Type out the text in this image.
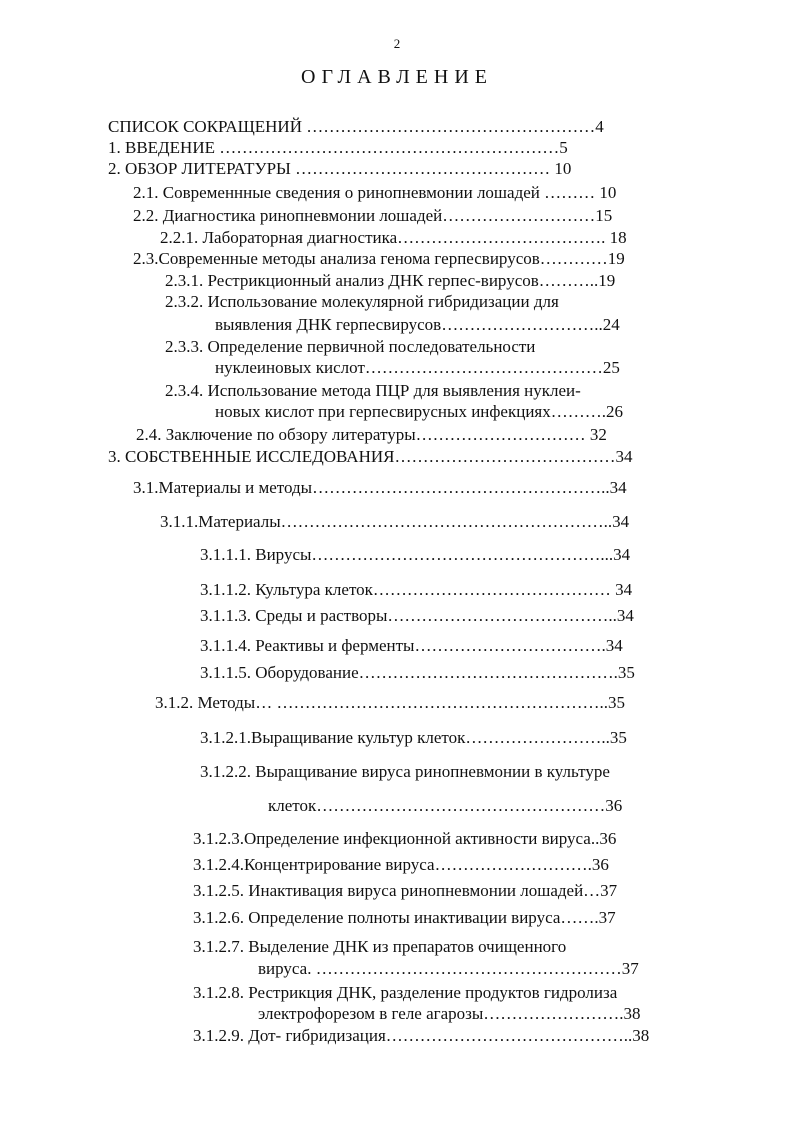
2
ОГЛАВЛЕНИЕ
СПИСОК СОКРАЩЕНИЙ ……………………………………………4
1. ВВЕДЕНИЕ ……………………………………………………5
2. ОБЗОР ЛИТЕРАТУРЫ ……………………………………… 10
2.1. Современнные сведения о ринопневмонии лошадей ……… 10
2.2. Диагностика ринопневмонии лошадей………………………15
2.2.1. Лабораторная диагностика………………………………. 18
2.3.Современные методы анализа генома герпесвирусов…………19
2.3.1. Рестрикционный анализ ДНК герпес-вирусов………..19
2.3.2. Использование молекулярной гибридизации для
выявления ДНК герпесвирусов………………………..24
2.3.3. Определение первичной последовательности
нуклеиновых кислот……………………………………25
2.3.4. Использование метода ПЦР для выявления нуклеи-
новых кислот при герпесвирусных инфекциях……….26
2.4. Заключение по обзору литературы………………………… 32
3. СОБСТВЕННЫЕ ИССЛЕДОВАНИЯ…………………………………34
3.1.Материалы и методы……………………………………………..34
3.1.1.Материалы…………………………………………………..34
3.1.1.1. Вирусы……………………………………………...34
3.1.1.2. Культура клеток…………………………………… 34
3.1.1.3. Среды и растворы…………………………………..34
3.1.1.4. Реактивы и ферменты…………………………….34
3.1.1.5. Оборудование……………………………………….35
3.1.2. Методы… …………………………………………………..35
3.1.2.1.Выращивание культур клеток……………………..35
3.1.2.2. Выращивание вируса ринопневмонии в культуре
клеток……………………………………………36
3.1.2.3.Определение инфекционной активности вируса..36
3.1.2.4.Концентрирование вируса……………………….36
3.1.2.5. Инактивация вируса ринопневмонии лошадей…37
3.1.2.6. Определение полноты инактивации вируса…….37
3.1.2.7. Выделение ДНК из препаратов очищенного
вируса. ………………………………………………37
3.1.2.8. Рестрикция ДНК, разделение продуктов гидролиза
электрофорезом в геле агарозы…………………….38
3.1.2.9. Дот- гибридизация……………………………………..38
